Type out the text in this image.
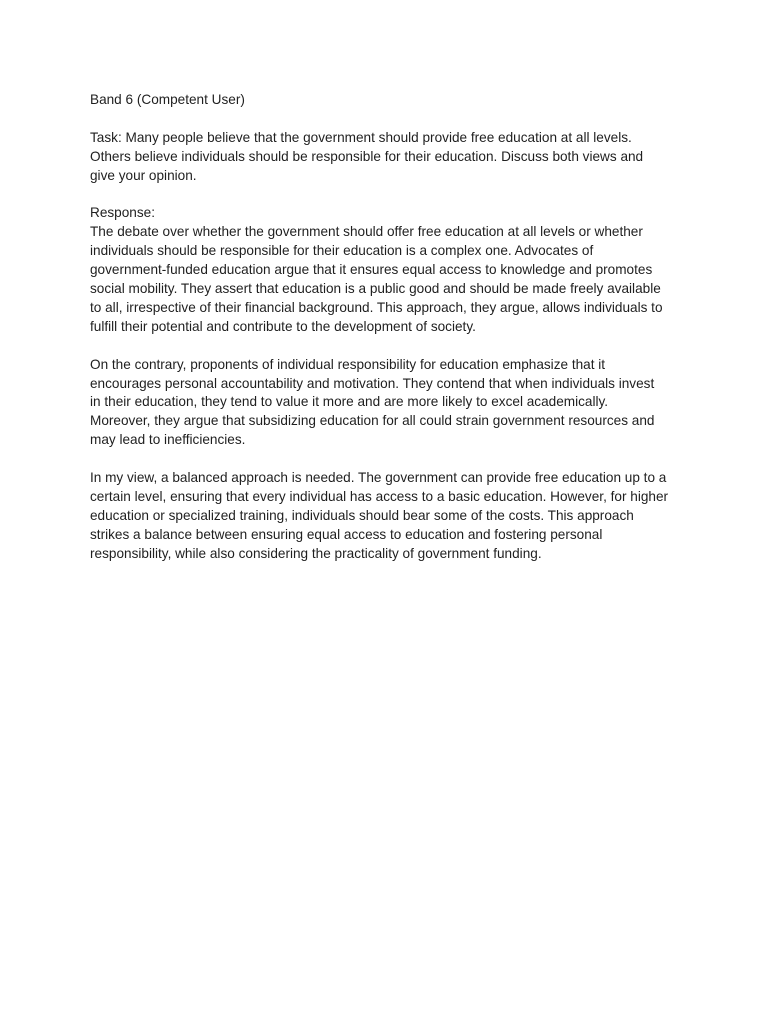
Band 6 (Competent User)

Task: Many people believe that the government should provide free education at all levels.

Others believe individuals should be responsible for their education. Discuss both views and

give your opinion.

Response:

The debate over whether the government should offer free education at all levels or whether

individuals should be responsible for their education is a complex one. Advocates of

government-funded education argue that it ensures equal access to knowledge and promotes

social mobility. They assert that education is a public good and should be made freely available

to all, irrespective of their financial background. This approach, they argue, allows individuals to

fulfill their potential and contribute to the development of society.

On the contrary, proponents of individual responsibility for education emphasize that it

encourages personal accountability and motivation. They contend that when individuals invest

in their education, they tend to value it more and are more likely to excel academically.

Moreover, they argue that subsidizing education for all could strain government resources and

may lead to inefficiencies.

In my view, a balanced approach is needed. The government can provide free education up to a

certain level, ensuring that every individual has access to a basic education. However, for higher

education or specialized training, individuals should bear some of the costs. This approach

strikes a balance between ensuring equal access to education and fostering personal

responsibility, while also considering the practicality of government funding.
